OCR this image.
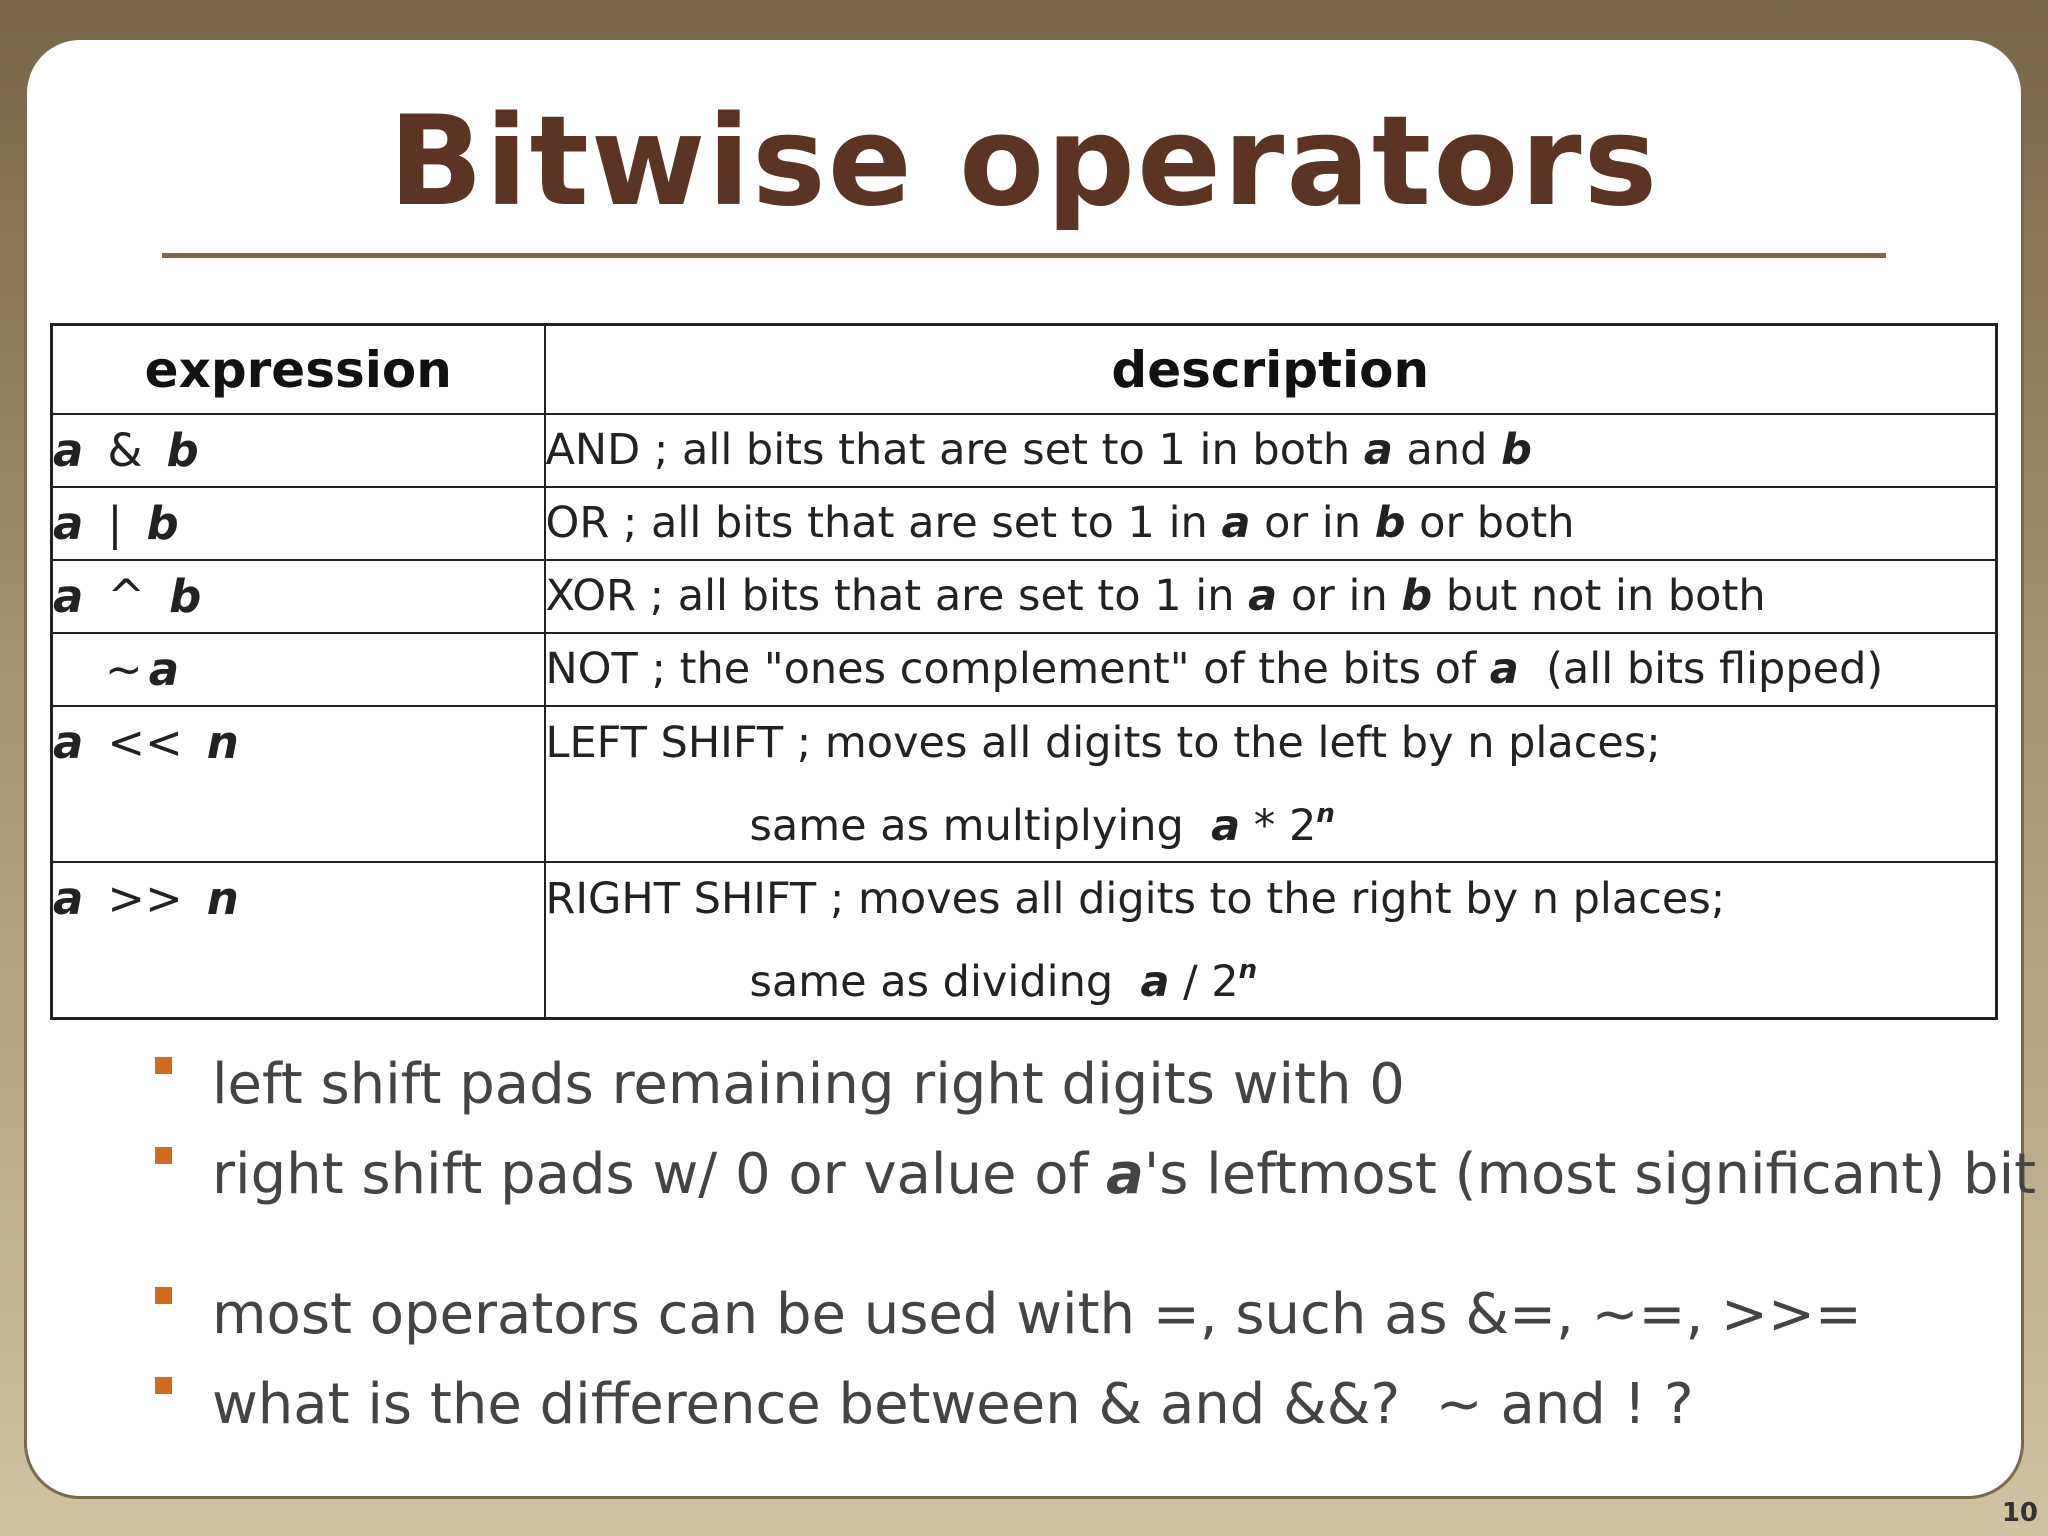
Bitwise operators
expression	description
a & b	AND ; all bits that are set to 1 in both a and b
a | b	OR ; all bits that are set to 1 in a or in b or both
a ^ b	XOR ; all bits that are set to 1 in a or in b but not in both
~ a	NOT ; the "ones complement" of the bits of a  (all bits flipped)

a << n	LEFT SHIFT ; moves all digits to the left by n places;
same as multiplying  a * 2$^n$

a >> n	RIGHT SHIFT ; moves all digits to the right by n places;
same as dividing  a / 2$^n$
left shift pads remaining right digits with 0
right shift pads w/ 0 or value of a's leftmost (most significant) bit
most operators can be used with =, such as &=, ~=, >>=
what is the difference between & and &&?  ~ and ! ?
10
